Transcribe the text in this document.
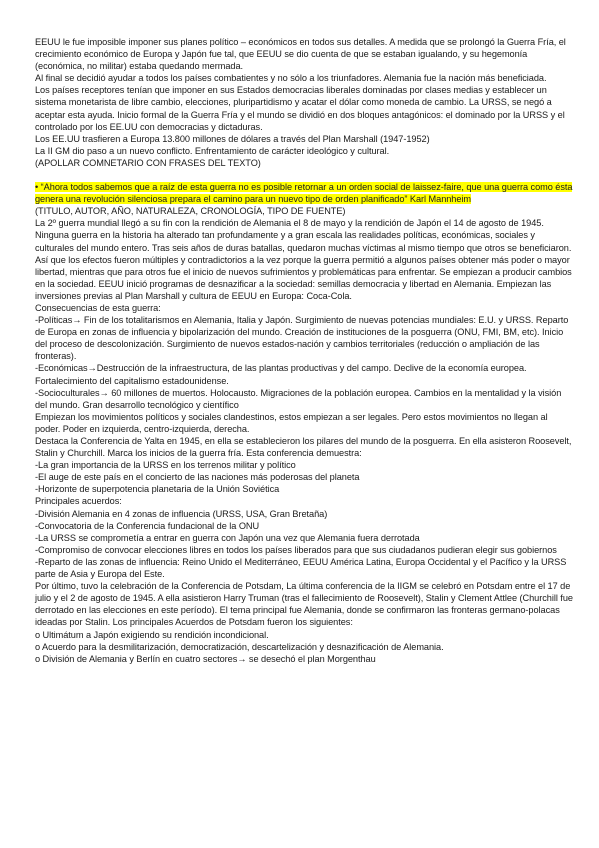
EEUU le fue imposible imponer sus planes político – económicos en todos sus detalles. A medida que se prolongó la Guerra Fría, el crecimiento económico de Europa y Japón fue tal, que EEUU se dio cuenta de que se estaban igualando, y su hegemonía (económica, no militar) estaba quedando mermada.

Al final se decidió ayudar a todos los países combatientes y no sólo a los triunfadores. Alemania fue la nación más beneficiada.

Los países receptores tenían que imponer en sus Estados democracias liberales dominadas por clases medias y establecer un sistema monetarista de libre cambio, elecciones, pluripartidismo y acatar el dólar como moneda de cambio. La URSS, se negó a aceptar esta ayuda. Inicio formal de la Guerra Fría y el mundo se dividió en dos bloques antagónicos: el dominado por la URSS y el controlado por los EE.UU con democracias y dictaduras.

Los EE.UU trasfieren a Europa 13.800 millones de dólares a través del Plan Marshall (1947-1952)

La II GM dio paso a un nuevo conflicto. Enfrentamiento de carácter ideológico y cultural.

(APOLLAR COMNETARIO CON FRASES DEL TEXTO)

• “Ahora todos sabemos que a raíz de esta guerra no es posible retornar a un orden social de laissez-faire, que una guerra como ésta genera una revolución silenciosa prepara el camino para un nuevo tipo de orden planificado” Karl Mannheim

(TITULO, AUTOR, AÑO, NATURALEZA, CRONOLOGÍA, TIPO DE FUENTE)

La 2º guerra mundial llegó a su fin con la rendición de Alemania el 8 de mayo y la rendición de Japón el 14 de agosto de 1945. Ninguna guerra en la historia ha alterado tan profundamente y a gran escala las realidades políticas, económicas, sociales y culturales del mundo entero. Tras seis años de duras batallas, quedaron muchas víctimas al mismo tiempo que otros se beneficiaron. Así que los efectos fueron múltiples y contradictorios a la vez porque la guerra permitió a algunos países obtener más poder o mayor libertad, mientras que para otros fue el inicio de nuevos sufrimientos y problemáticas para enfrentar. Se empiezan a producir cambios en la sociedad. EEUU inició programas de desnazificar a la sociedad: semillas democracia y libertad en Alemania. Empiezan las inversiones previas al Plan Marshall y cultura de EEUU en Europa: Coca-Cola.

Consecuencias de esta guerra:

-Políticas→ Fin de los totalitarismos en Alemania, Italia y Japón. Surgimiento de nuevas potencias mundiales: E.U. y URSS. Reparto de Europa en zonas de influencia y bipolarización del mundo. Creación de instituciones de la posguerra (ONU, FMI, BM, etc). Inicio del proceso de descolonización. Surgimiento de nuevos estados-nación y cambios territoriales (reducción o ampliación de las fronteras).

-Económicas→Destrucción de la infraestructura, de las plantas productivas y del campo. Declive de la economía europea. Fortalecimiento del capitalismo estadounidense.

-Socioculturales→ 60 millones de muertos. Holocausto. Migraciones de la población europea. Cambios en la mentalidad y la visión del mundo. Gran desarrollo tecnológico y científico

Empiezan los movimientos políticos y sociales clandestinos, estos empiezan a ser legales. Pero estos movimientos no llegan al poder. Poder en izquierda, centro-izquierda, derecha.

Destaca la Conferencia de Yalta en 1945, en ella se establecieron los pilares del mundo de la posguerra. En ella asisteron Roosevelt, Stalin y Churchill. Marca los inicios de la guerra fría. Esta conferencia demuestra:

-La gran importancia de la URSS en los terrenos militar y político

-El auge de este país en el concierto de las naciones más poderosas del planeta

-Horizonte de superpotencia planetaria de la Unión Soviética

Principales acuerdos:

-División Alemania en 4 zonas de influencia (URSS, USA, Gran Bretaña)

-Convocatoria de la Conferencia fundacional de la ONU

-La URSS se comprometía a entrar en guerra con Japón una vez que Alemania fuera derrotada

-Compromiso de convocar elecciones libres en todos los países liberados para que sus ciudadanos pudieran elegir sus gobiernos

-Reparto de las zonas de influencia: Reino Unido el Mediterráneo, EEUU América Latina, Europa Occidental y el Pacífico y la URSS parte de Asia y Europa del Este.

Por último, tuvo la celebración de la Conferencia de Potsdam, La última conferencia de la IIGM se celebró en Potsdam entre el 17 de julio y el 2 de agosto de 1945. A ella asistieron Harry Truman (tras el fallecimiento de Roosevelt), Stalin y Clement Attlee (Churchill fue derrotado en las elecciones en este período). El tema principal fue Alemania, donde se confirmaron las fronteras germano-polacas ideadas por Stalin. Los principales Acuerdos de Potsdam fueron los siguientes:

o Ultimátum a Japón exigiendo su rendición incondicional.

o Acuerdo para la desmilitarización, democratización, descartelización y desnazificación de Alemania.

o División de Alemania y Berlín en cuatro sectores→ se desechó el plan Morgenthau
